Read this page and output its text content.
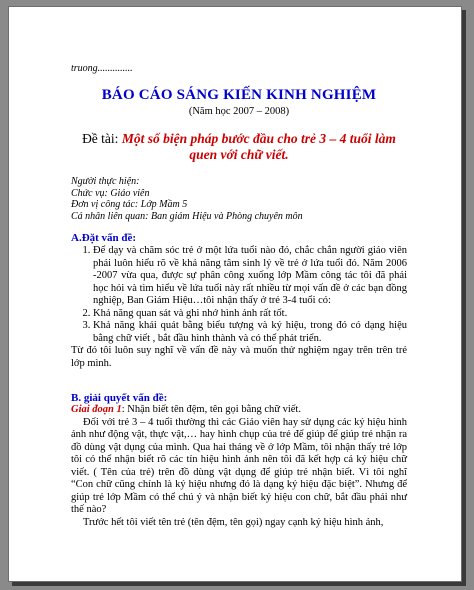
truong..............
BÁO CÁO SÁNG KIẾN KINH NGHIỆM
(Năm học 2007 – 2008)
Đề tài: Một số biện pháp bước đầu cho trẻ 3 – 4 tuổi làm quen với chữ viết.
Người thực hiện:
Chức vụ: Giáo viên
Đơn vị công tác: Lớp Mầm 5
Cá nhân liên quan: Ban giám Hiệu và Phòng chuyên môn
A.Đặt vấn đề:
1. Để dạy và chăm sóc trẻ ở một lứa tuổi nào đó, chắc chắn người giáo viên phải luôn hiểu rõ về khả năng tâm sinh lý về trẻ ở lứa tuổi đó. Năm 2006 -2007 vừa qua, được sự phân công xuống lớp Mầm công tác tôi đã phải học hỏi và tìm hiểu về lứa tuổi này rất nhiều từ mọi vấn đề ở các bạn đồng nghiệp, Ban Giám Hiệu…tôi nhận thấy ở trẻ 3-4 tuổi có:
2. Khả năng quan sát và ghi nhớ hình ảnh rất tốt.
3. Khả năng khái quát bằng biểu tượng và ký hiệu, trong đó có dạng hiệu bằng chữ viết , bắt đầu hình thành và có thể phát triển.
Từ đó tôi luôn suy nghĩ về vấn đề này và muốn thử nghiệm ngay trên trên trẻ lớp mình.
B. giải quyết vấn đề:
Giai đoạn 1: Nhận biết tên đệm, tên gọi bằng chữ viết.
Đối với trẻ 3 – 4 tuổi thường thì các Giáo viên hay sử dụng các ký hiệu hình ảnh như động vật, thực vật,… hay hình chụp của trẻ để giúp để giúp trẻ nhận ra đồ dùng vật dụng của mình. Qua hai tháng về ở lớp Mầm, tôi nhận thấy trẻ lớp tôi có thể nhận biết rõ các tín hiệu hình ảnh nên tôi đã kết hợp cả ký hiệu chữ viết. ( Tên của trẻ) trên đồ dùng vật dụng để giúp trẻ nhận biết. Vì tôi nghĩ “Con chữ cũng chính là ký hiệu nhưng đó là dạng ký hiệu đặc biệt”. Nhưng để giúp trẻ lớp Mầm có thể chú ý và nhận biết ký hiệu con chữ, bắt đầu phải như thế nào?
Trước hết tôi viết tên trẻ (tên đệm, tên gọi) ngay cạnh ký hiệu hình ảnh,
